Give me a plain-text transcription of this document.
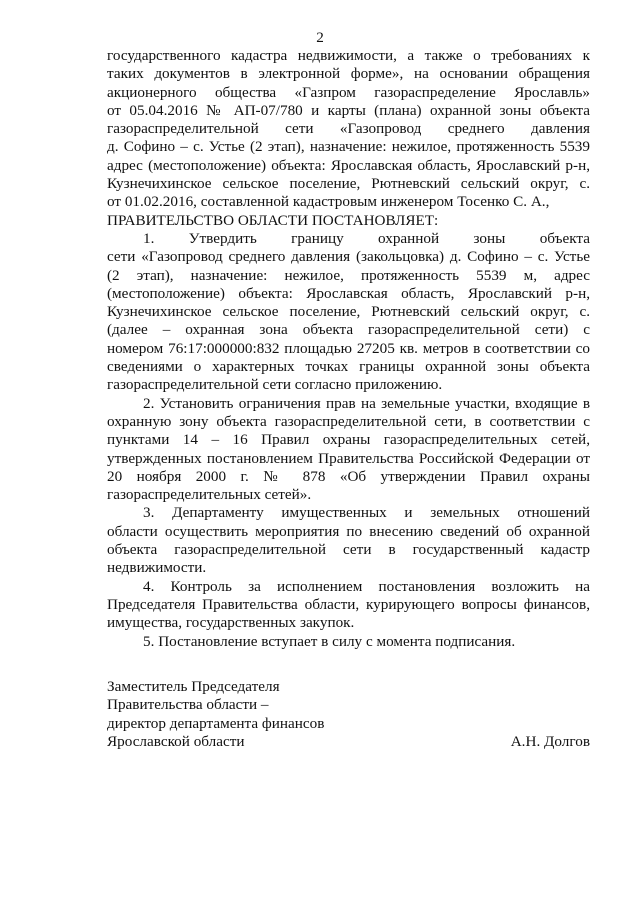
2
государственного кадастра недвижимости, а также о требованиях к
таких документов в электронной форме», на основании обращения
акционерного общества «Газпром газораспределение Ярославль»
от 05.04.2016 № АП-07/780 и карты (плана) охранной зоны объекта
газораспределительной сети «Газопровод среднего давления
д. Софино – с. Устье (2 этап), назначение: нежилое, протяженность 5539
адрес (местоположение) объекта: Ярославская область, Ярославский р-н,
Кузнечихинское сельское поселение, Рютневский сельский округ, с.
от 01.02.2016, составленной кадастровым инженером Тосенко С. А.,
ПРАВИТЕЛЬСТВО ОБЛАСТИ ПОСТАНОВЛЯЕТ:
1. Утвердить границу охранной зоны объекта
сети «Газопровод среднего давления (закольцовка) д. Софино – с. Устье
(2 этап), назначение: нежилое, протяженность 5539 м, адрес
(местоположение) объекта: Ярославская область, Ярославский р-н,
Кузнечихинское сельское поселение, Рютневский сельский округ, с.
(далее – охранная зона объекта газораспределительной сети) с
номером 76:17:000000:832 площадью 27205 кв. метров в соответствии со
сведениями о характерных точках границы охранной зоны объекта
газораспределительной сети согласно приложению.
2. Установить ограничения прав на земельные участки, входящие в
охранную зону объекта газораспределительной сети, в соответствии с
пунктами 14 – 16 Правил охраны газораспределительных сетей,
утвержденных постановлением Правительства Российской Федерации от
20 ноября 2000 г. № 878 «Об утверждении Правил охраны
газораспределительных сетей».
3. Департаменту имущественных и земельных отношений
области осуществить мероприятия по внесению сведений об охранной
объекта газораспределительной сети в государственный кадастр
недвижимости.
4. Контроль за исполнением постановления возложить на
Председателя Правительства области, курирующего вопросы финансов,
имущества, государственных закупок.
5. Постановление вступает в силу с момента подписания.
Заместитель Председателя
Правительства области –
директор департамента финансов
Ярославской области	А.Н. Долгов
